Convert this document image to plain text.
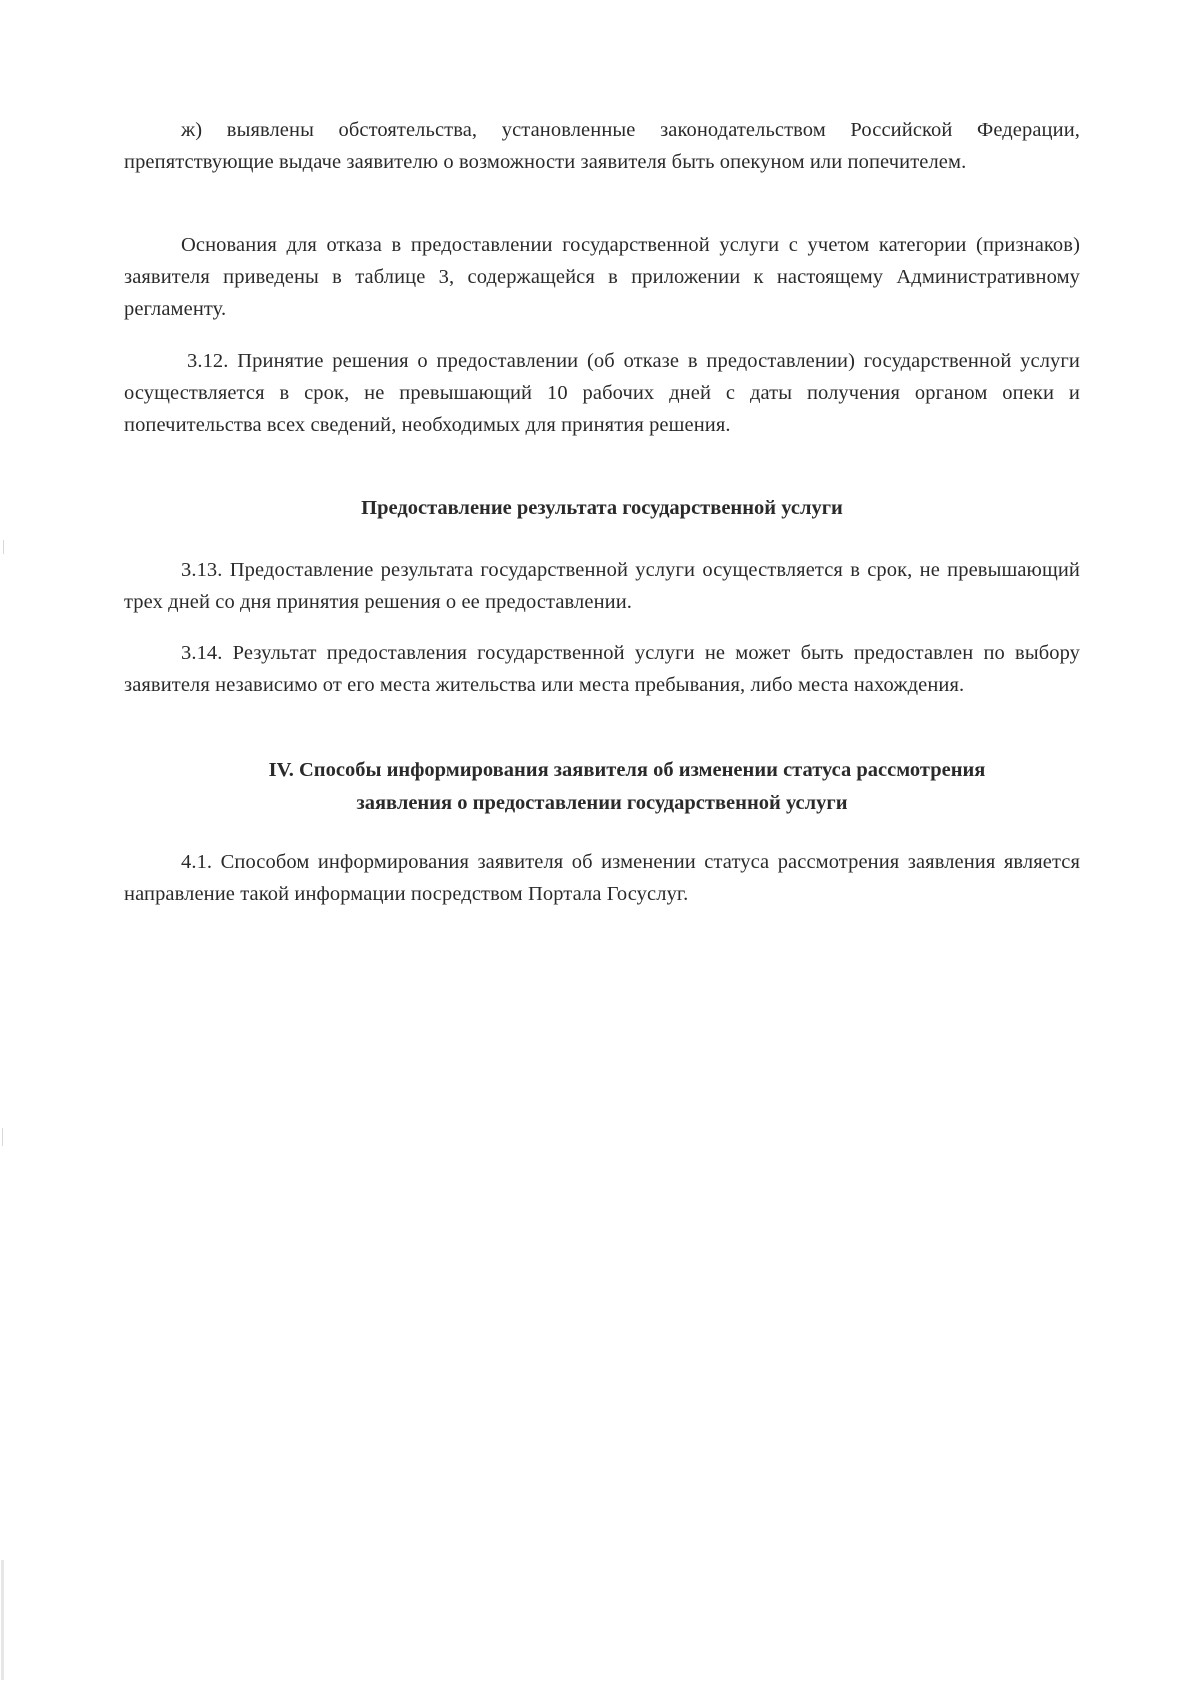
ж) выявлены обстоятельства, установленные законодательством Российской Федерации, препятствующие выдаче заявителю о возможности заявителя быть опекуном или попечителем.

Основания для отказа в предоставлении государственной услуги с учетом категории (признаков) заявителя приведены в таблице 3, содержащейся в приложении к настоящему Административному регламенту.

3.12. Принятие решения о предоставлении (об отказе в предоставлении) государственной услуги осуществляется в срок, не превышающий 10 рабочих дней с даты получения органом опеки и попечительства всех сведений, необходимых для принятия решения.

Предоставление результата государственной услуги

3.13. Предоставление результата государственной услуги осуществляется в срок, не превышающий трех дней со дня принятия решения о ее предоставлении.

3.14. Результат предоставления государственной услуги не может быть предоставлен по выбору заявителя независимо от его места жительства или места пребывания, либо места нахождения.

IV. Способы информирования заявителя об изменении статуса рассмотрения

заявления о предоставлении государственной услуги

4.1. Способом информирования заявителя об изменении статуса рассмотрения заявления является направление такой информации посредством Портала Госуслуг.
